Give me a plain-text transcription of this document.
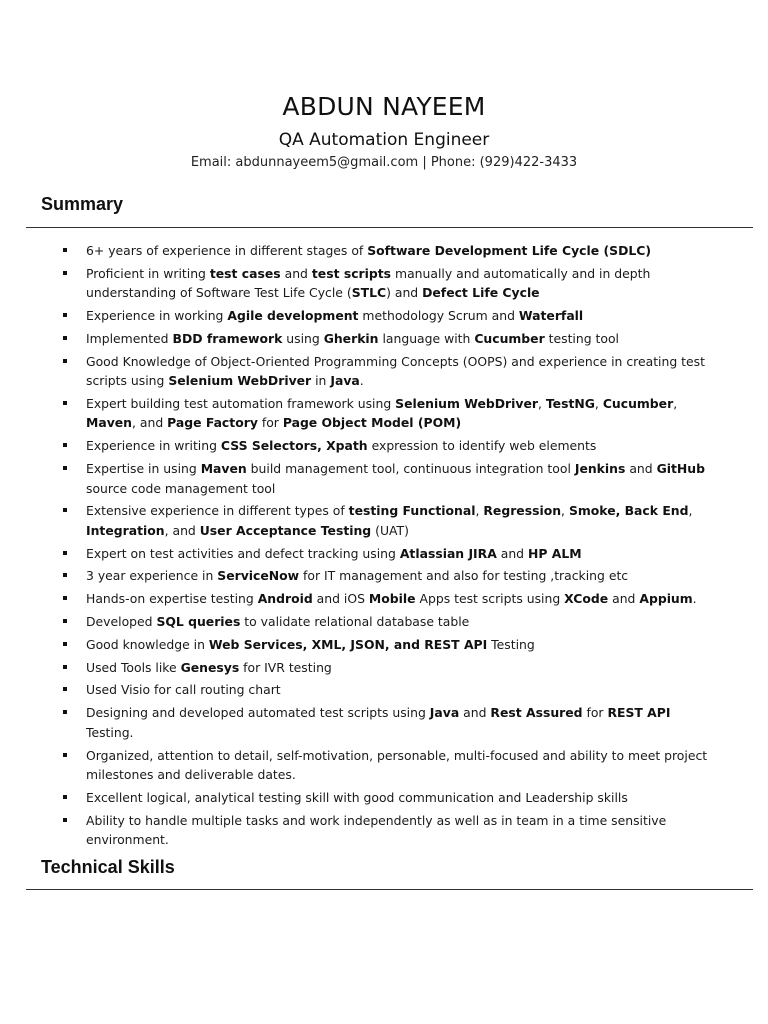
ABDUN NAYEEM
QA Automation Engineer
Email: abdunnayeem5@gmail.com | Phone: (929)422-3433
Summary
6+ years of experience in different stages of Software Development Life Cycle (SDLC)
Proficient in writing test cases and test scripts manually and automatically and in depth understanding of Software Test Life Cycle (STLC) and Defect Life Cycle
Experience in working Agile development methodology Scrum and Waterfall
Implemented BDD framework using Gherkin language with Cucumber testing tool
Good Knowledge of Object-Oriented Programming Concepts (OOPS) and experience in creating test scripts using Selenium WebDriver in Java.
Expert building test automation framework using Selenium WebDriver, TestNG, Cucumber, Maven, and Page Factory for Page Object Model (POM)
Experience in writing CSS Selectors, Xpath expression to identify web elements
Expertise in using Maven build management tool, continuous integration tool Jenkins and GitHub source code management tool
Extensive experience in different types of testing Functional, Regression, Smoke, Back End, Integration, and User Acceptance Testing (UAT)
Expert on test activities and defect tracking using Atlassian JIRA and HP ALM
3 year experience in ServiceNow for IT management and also for testing ,tracking etc
Hands-on expertise testing Android and iOS Mobile Apps test scripts using XCode and Appium.
Developed SQL queries to validate relational database table
Good knowledge in Web Services, XML, JSON, and REST API Testing
Used Tools like Genesys for IVR testing
Used Visio for call routing chart
Designing and developed automated test scripts using Java and Rest Assured for REST API Testing.
Organized, attention to detail, self-motivation, personable, multi-focused and ability to meet project milestones and deliverable dates.
Excellent logical, analytical testing skill with good communication and Leadership skills
Ability to handle multiple tasks and work independently as well as in team in a time sensitive environment.
Technical Skills
